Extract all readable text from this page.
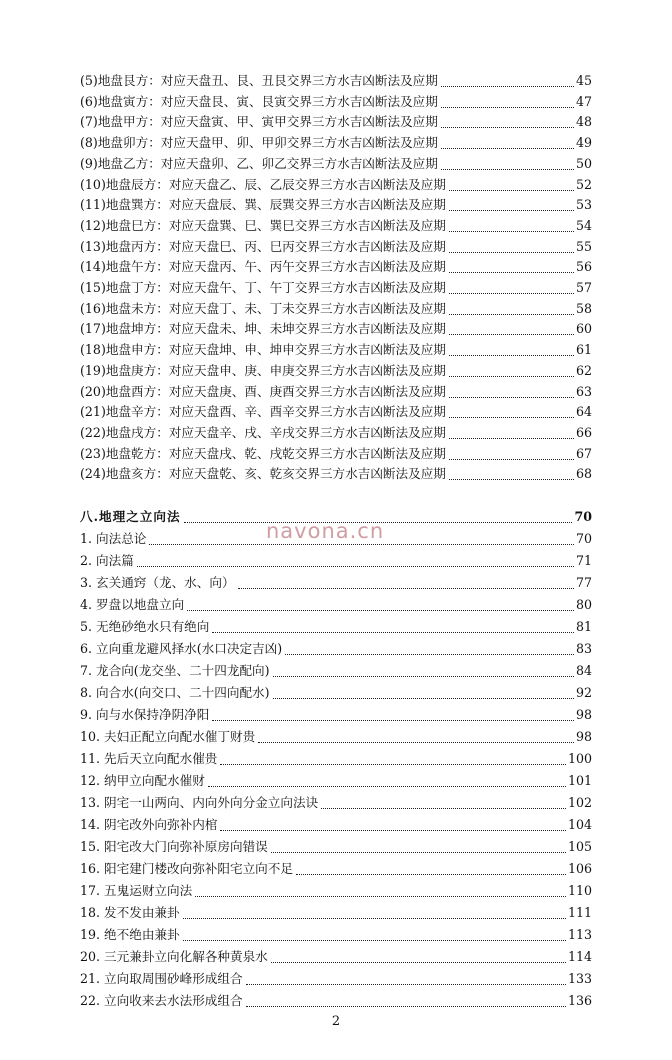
(5)地盘艮方：对应天盘丑、艮、丑艮交界三方水吉凶断法及应期	45
(6)地盘寅方：对应天盘艮、寅、艮寅交界三方水吉凶断法及应期	47
(7)地盘甲方：对应天盘寅、甲、寅甲交界三方水吉凶断法及应期	48
(8)地盘卯方：对应天盘甲、卯、甲卯交界三方水吉凶断法及应期	49
(9)地盘乙方：对应天盘卯、乙、卯乙交界三方水吉凶断法及应期	50
(10)地盘辰方：对应天盘乙、辰、乙辰交界三方水吉凶断法及应期	52
(11)地盘巽方：对应天盘辰、巽、辰巽交界三方水吉凶断法及应期	53
(12)地盘巳方：对应天盘巽、巳、巽巳交界三方水吉凶断法及应期	54
(13)地盘丙方：对应天盘巳、丙、巳丙交界三方水吉凶断法及应期	55
(14)地盘午方：对应天盘丙、午、丙午交界三方水吉凶断法及应期	56
(15)地盘丁方：对应天盘午、丁、午丁交界三方水吉凶断法及应期	57
(16)地盘未方：对应天盘丁、未、丁未交界三方水吉凶断法及应期	58
(17)地盘坤方：对应天盘未、坤、未坤交界三方水吉凶断法及应期	60
(18)地盘申方：对应天盘坤、申、坤申交界三方水吉凶断法及应期	61
(19)地盘庚方：对应天盘申、庚、申庚交界三方水吉凶断法及应期	62
(20)地盘酉方：对应天盘庚、酉、庚酉交界三方水吉凶断法及应期	63
(21)地盘辛方：对应天盘酉、辛、酉辛交界三方水吉凶断法及应期	64
(22)地盘戌方：对应天盘辛、戌、辛戌交界三方水吉凶断法及应期	66
(23)地盘乾方：对应天盘戌、乾、戌乾交界三方水吉凶断法及应期	67
(24)地盘亥方：对应天盘乾、亥、乾亥交界三方水吉凶断法及应期	68
八.地理之立向法	70
1. 向法总论	70
2. 向法篇	71
3. 玄关通窍（龙、水、向）	77
4. 罗盘以地盘立向	80
5. 无绝砂绝水只有绝向	81
6. 立向重龙避风择水(水口决定吉凶)	83
7. 龙合向(龙交坐、二十四龙配向)	84
8. 向合水(向交口、二十四向配水)	92
9. 向与水保持净阴净阳	98
10. 夫妇正配立向配水催丁财贵	98
11. 先后天立向配水催贵	100
12. 纳甲立向配水催财	101
13. 阴宅一山两向、内向外向分金立向法诀	102
14. 阴宅改外向弥补内棺	104
15. 阳宅改大门向弥补原房向错误	105
16. 阳宅建门楼改向弥补阳宅立向不足	106
17. 五鬼运财立向法	110
18. 发不发由兼卦	111
19. 绝不绝由兼卦	113
20. 三元兼卦立向化解各种黄泉水	114
21. 立向取周围砂峰形成组合	133
22. 立向收来去水法形成组合	136
navona.cn
2
